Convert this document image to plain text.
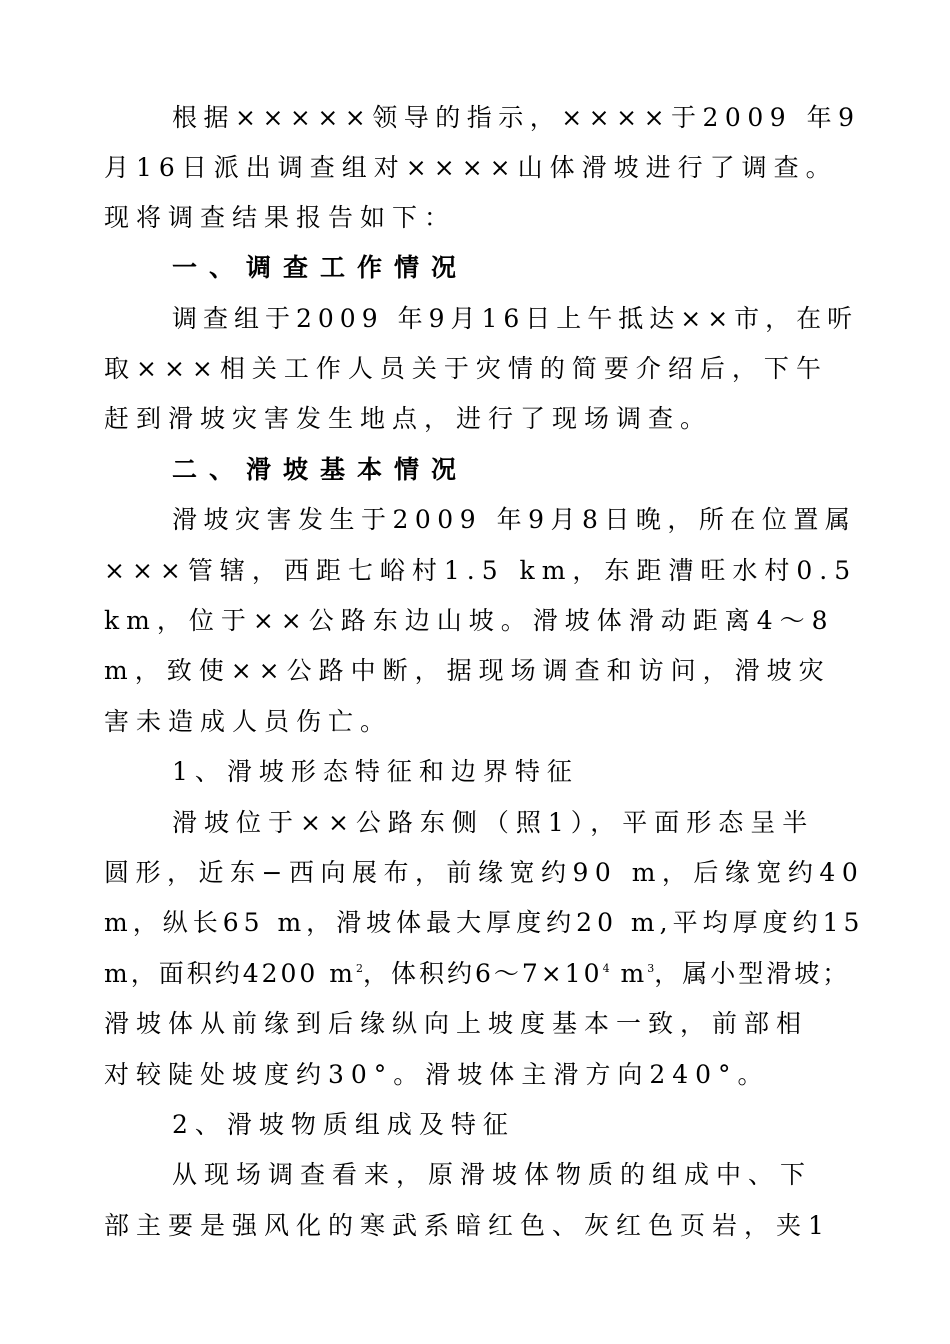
根据×××××领导的指示，××××于2009 年9
月16日派出调查组对××××山体滑坡进行了调查。
现将调查结果报告如下：
一、调查工作情况
调查组于2009 年9月16日上午抵达××市，在听
取×××相关工作人员关于灾情的简要介绍后，下午
赶到滑坡灾害发生地点，进行了现场调查。
二、滑坡基本情况
滑坡灾害发生于2009 年9月8日晚，所在位置属
×××管辖，西距七峪村1.5 km，东距漕旺水村0.5
km，位于××公路东边山坡。滑坡体滑动距离4～8
m，致使××公路中断，据现场调查和访问，滑坡灾
害未造成人员伤亡。
1、滑坡形态特征和边界特征
滑坡位于××公路东侧（照1），平面形态呈半
圆形，近东−西向展布，前缘宽约90 m，后缘宽约40
m，纵长65 m，滑坡体最大厚度约20 m,平均厚度约15
m，面积约4200 $m^2$，体积约$6\sim 7\times 10^4$ $m^3$，属小型滑坡；
滑坡体从前缘到后缘纵向上坡度基本一致，前部相
对较陡处坡度约30°。滑坡体主滑方向240°。
2、滑坡物质组成及特征
从现场调查看来，原滑坡体物质的组成中、下
部主要是强风化的寒武系暗红色、灰红色页岩，夹1
